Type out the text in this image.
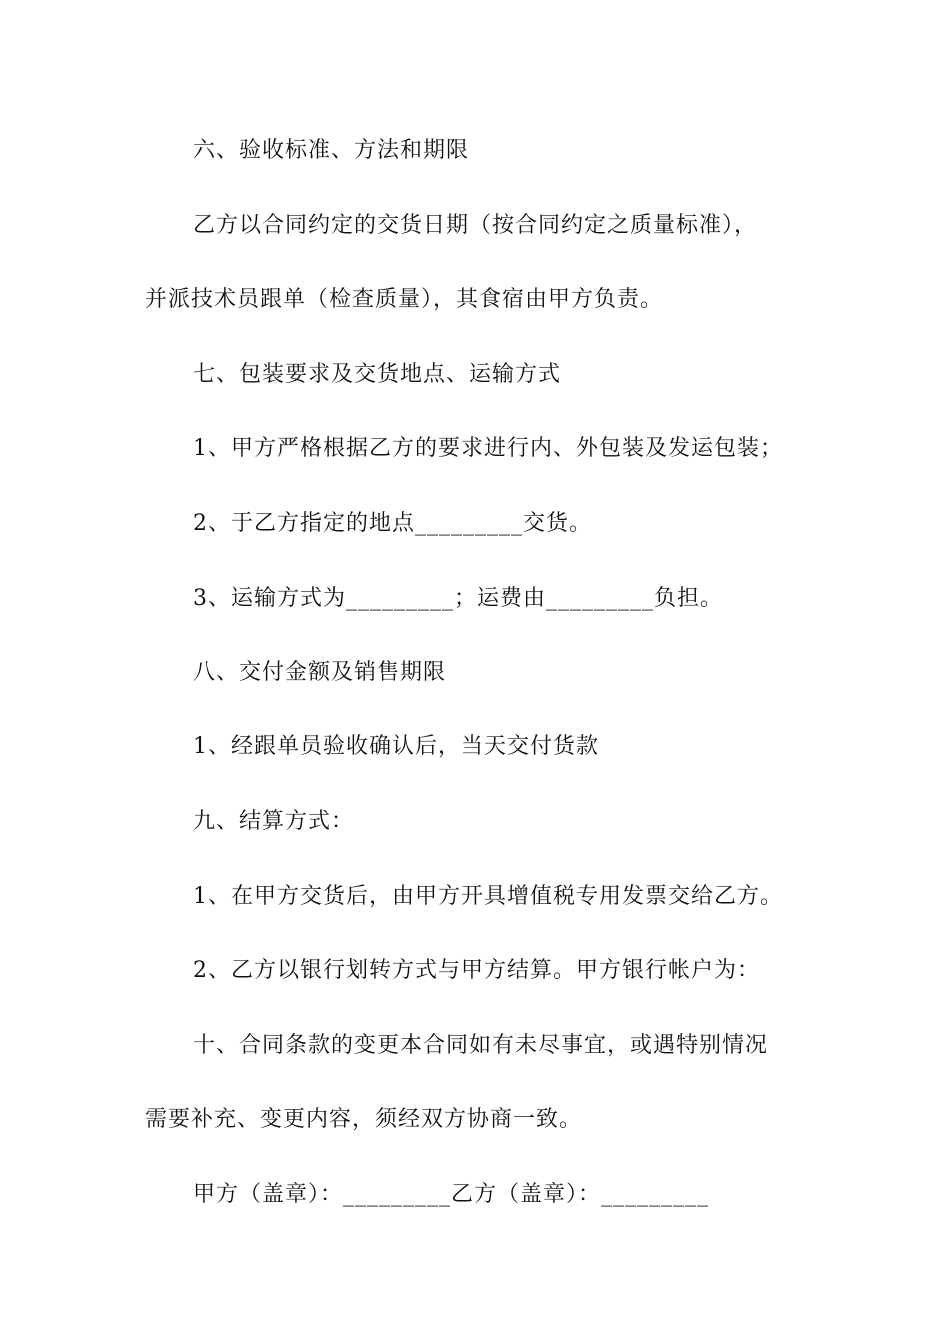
六、验收标准、方法和期限
乙方以合同约定的交货日期（按合同约定之质量标准），
并派技术员跟单（检查质量），其食宿由甲方负责。
七、包装要求及交货地点、运输方式
1、甲方严格根据乙方的要求进行内、外包装及发运包装；
2、于乙方指定的地点_________交货。
3、运输方式为_________；运费由_________负担。
八、交付金额及销售期限
1、经跟单员验收确认后，当天交付货款
九、结算方式：
1、在甲方交货后，由甲方开具增值税专用发票交给乙方。
2、乙方以银行划转方式与甲方结算。甲方银行帐户为：
十、合同条款的变更本合同如有未尽事宜，或遇特别情况
需要补充、变更内容，须经双方协商一致。
甲方（盖章）：_________乙方（盖章）：_________
